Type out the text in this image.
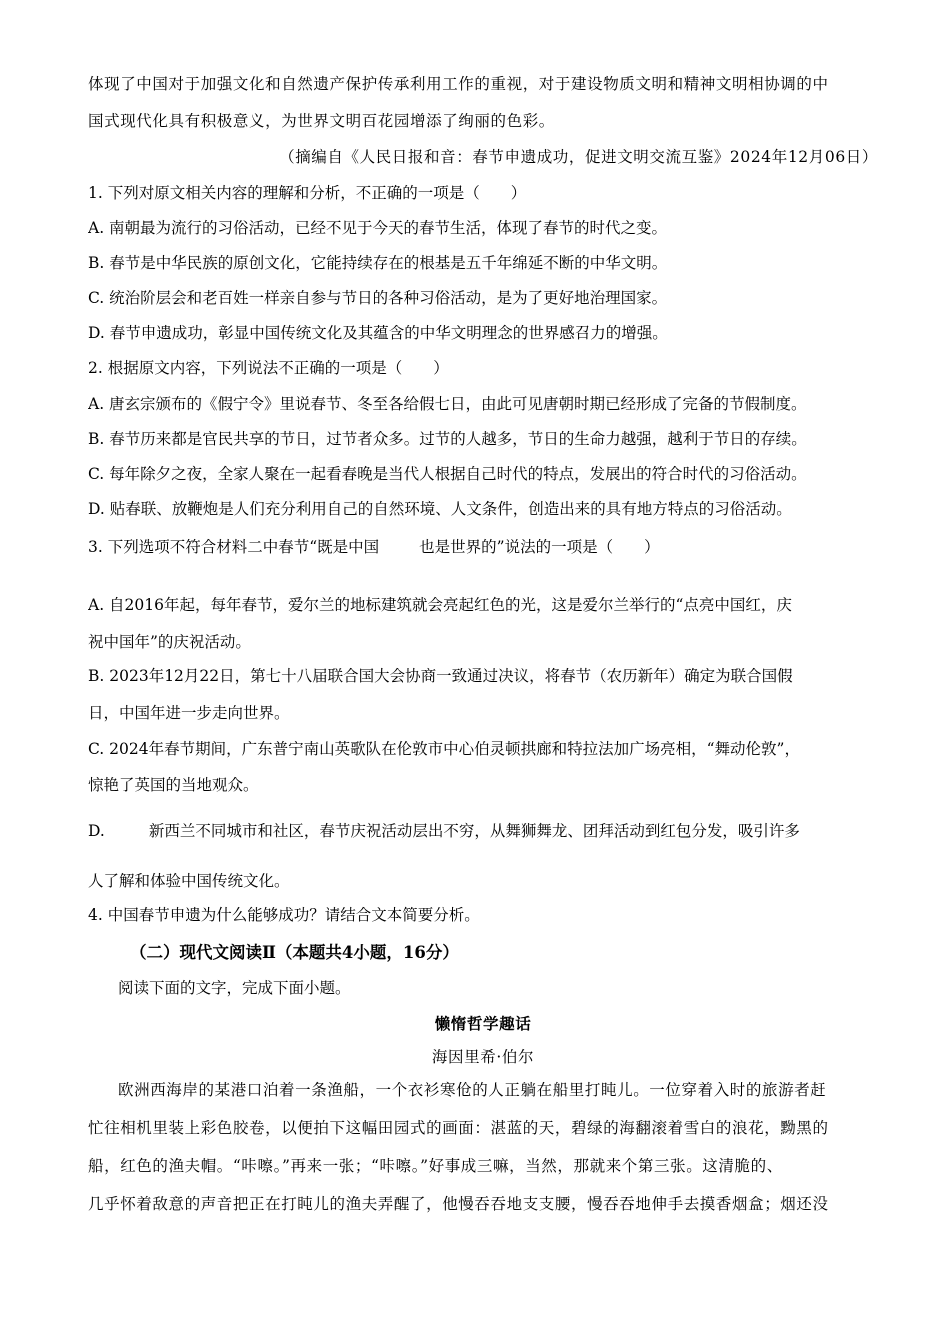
体现了中国对于加强文化和自然遗产保护传承利用工作的重视，对于建设物质文明和精神文明相协调的中
国式现代化具有积极意义，为世界文明百花园增添了绚丽的色彩。
（摘编自《人民日报和音：春节申遗成功，促进文明交流互鉴》2024年12月06日）
1. 下列对原文相关内容的理解和分析，不正确的一项是（　　）
A. 南朝最为流行的习俗活动，已经不见于今天的春节生活，体现了春节的时代之变。
B. 春节是中华民族的原创文化，它能持续存在的根基是五千年绵延不断的中华文明。
C. 统治阶层会和老百姓一样亲自参与节日的各种习俗活动，是为了更好地治理国家。
D. 春节申遗成功，彰显中国传统文化及其蕴含的中华文明理念的世界感召力的增强。
2. 根据原文内容，下列说法不正确的一项是（　　）
A. 唐玄宗颁布的《假宁令》里说春节、冬至各给假七日，由此可见唐朝时期已经形成了完备的节假制度。
B. 春节历来都是官民共享的节日，过节者众多。过节的人越多，节日的生命力越强，越利于节日的存续。
C. 每年除夕之夜，全家人聚在一起看春晚是当代人根据自己时代的特点，发展出的符合时代的习俗活动。
D. 贴春联、放鞭炮是人们充分利用自己的自然环境、人文条件，创造出来的具有地方特点的习俗活动。
3. 下列选项不符合材料二中春节“既是中国	也是世界的”说法的一项是（　　）
A. 自2016年起，每年春节，爱尔兰的地标建筑就会亮起红色的光，这是爱尔兰举行的“点亮中国红，庆
祝中国年”的庆祝活动。
B. 2023年12月22日，第七十八届联合国大会协商一致通过决议，将春节（农历新年）确定为联合国假
日，中国年进一步走向世界。
C. 2024年春节期间，广东普宁南山英歌队在伦敦市中心伯灵顿拱廊和特拉法加广场亮相，“舞动伦敦”，
惊艳了英国的当地观众。
D.	新西兰不同城市和社区，春节庆祝活动层出不穷，从舞狮舞龙、团拜活动到红包分发，吸引许多
人了解和体验中国传统文化。
4. 中国春节申遗为什么能够成功？请结合文本简要分析。
（二）现代文阅读Ⅱ（本题共4小题，16分）
阅读下面的文字，完成下面小题。
懒惰哲学趣话
海因里希·伯尔
欧洲西海岸的某港口泊着一条渔船，一个衣衫寒伧的人正躺在船里打盹儿。一位穿着入时的旅游者赶
忙往相机里装上彩色胶卷，以便拍下这幅田园式的画面：湛蓝的天，碧绿的海翻滚着雪白的浪花，黝黑的
船，红色的渔夫帽。“咔嚓。”再来一张；“咔嚓。”好事成三嘛，当然，那就来个第三张。这清脆的、
几乎怀着敌意的声音把正在打盹儿的渔夫弄醒了，他慢吞吞地支支腰，慢吞吞地伸手去摸香烟盒；烟还没
